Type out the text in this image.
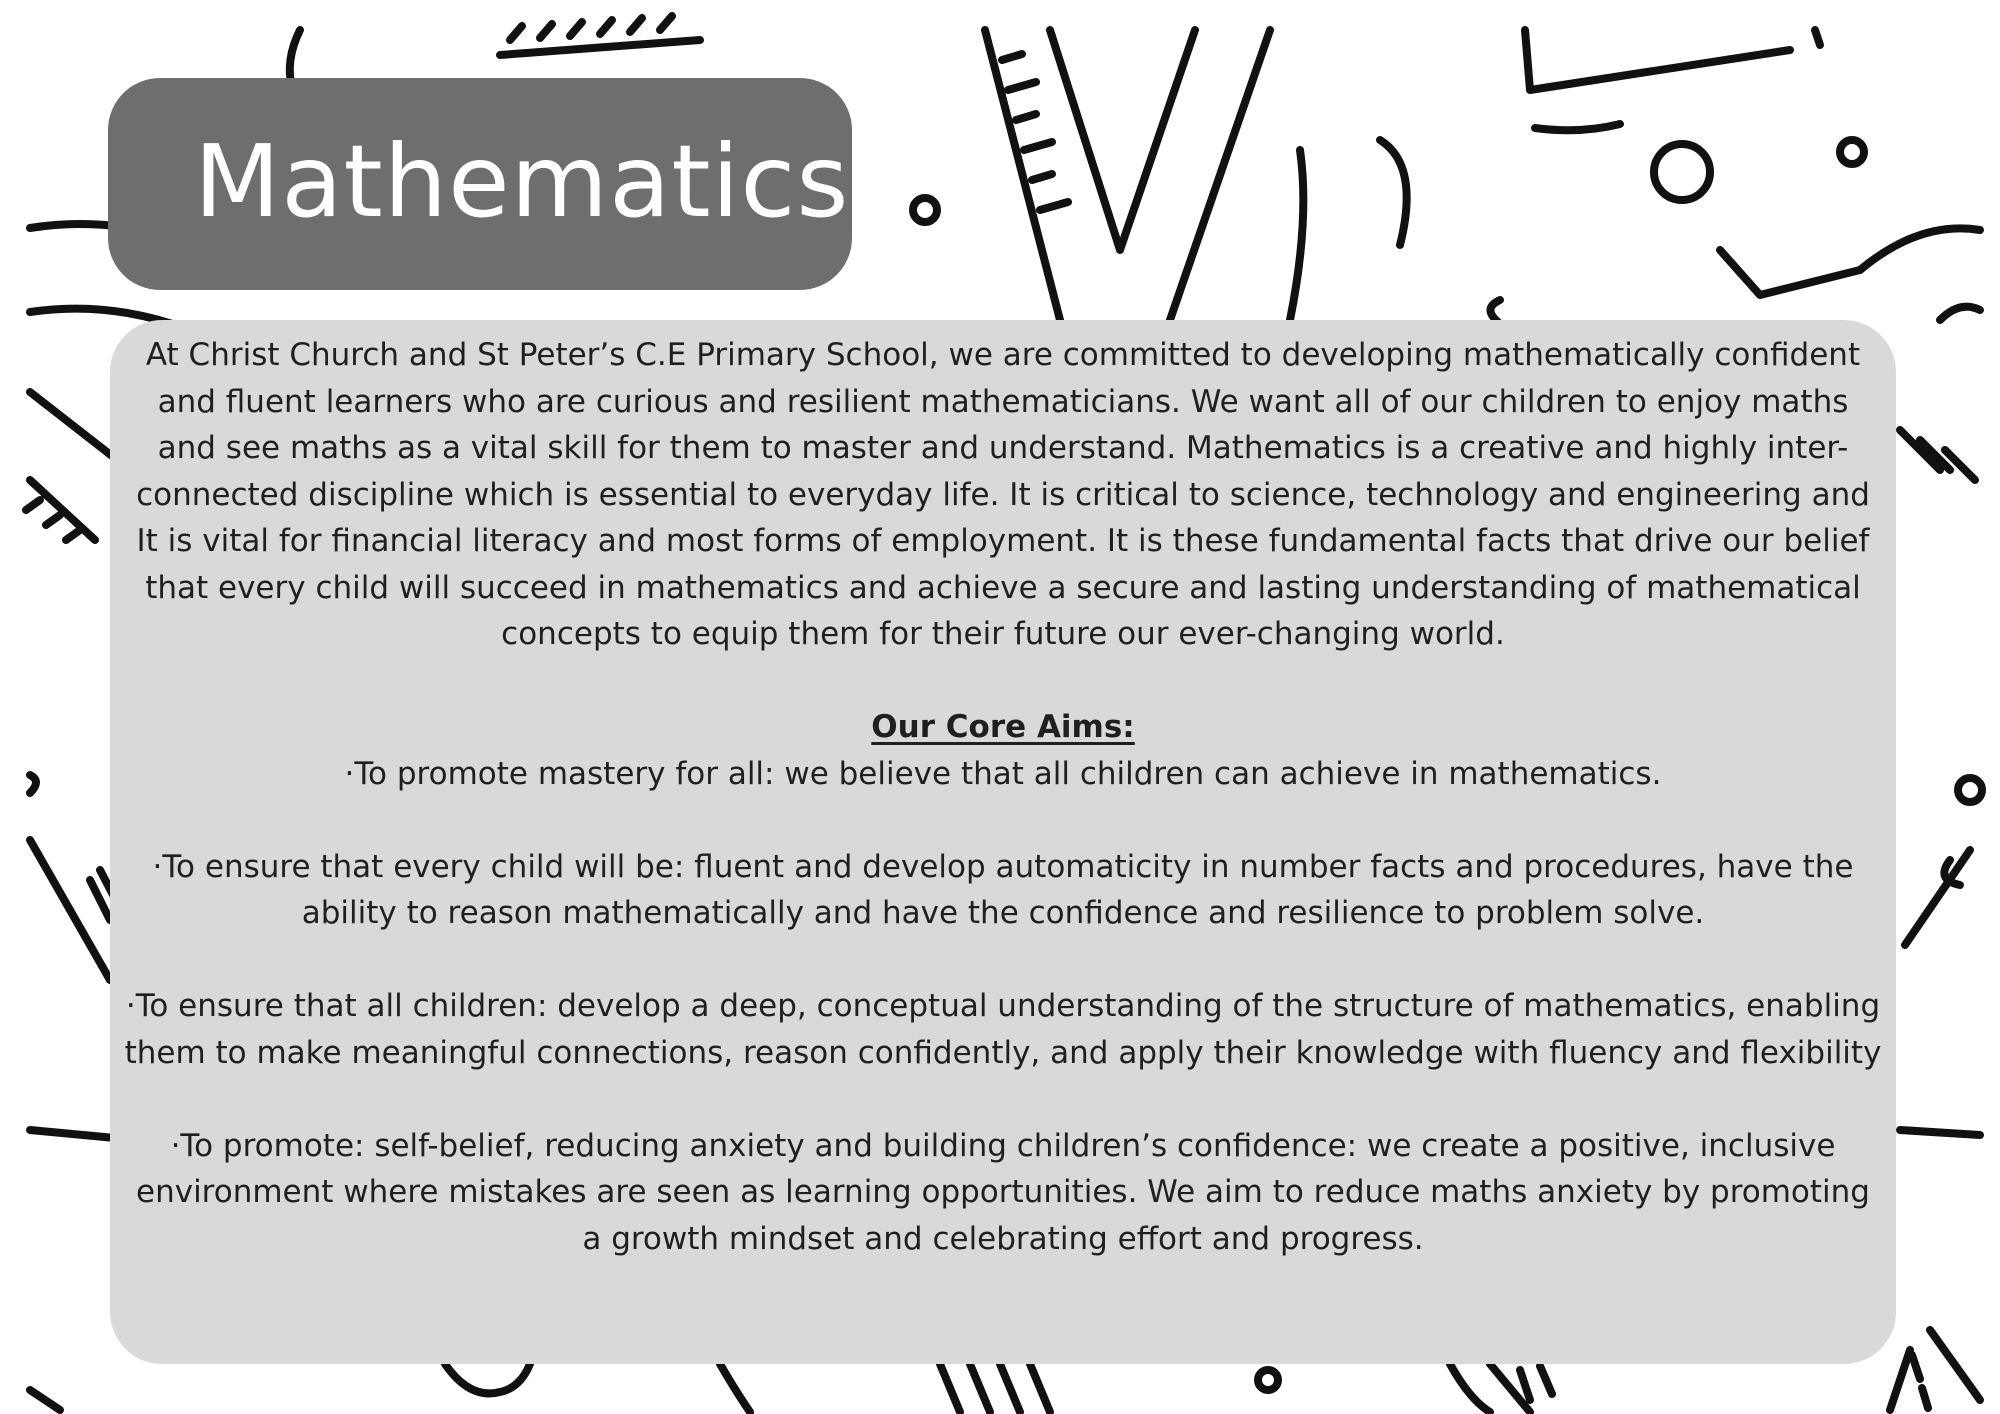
Mathematics

At Christ Church and St Peter’s C.E Primary School, we are committed to developing mathematically confident and fluent learners who are curious and resilient mathematicians. We want all of our children to enjoy maths and see maths as a vital skill for them to master and understand. Mathematics is a creative and highly inter-connected discipline which is essential to everyday life. It is critical to science, technology and engineering and It is vital for financial literacy and most forms of employment. It is these fundamental facts that drive our belief that every child will succeed in mathematics and achieve a secure and lasting understanding of mathematical concepts to equip them for their future our ever-changing world.

Our Core Aims:

·To promote mastery for all: we believe that all children can achieve in mathematics.

·To ensure that every child will be: fluent and develop automaticity in number facts and procedures, have the ability to reason mathematically and have the confidence and resilience to problem solve.

·To ensure that all children: develop a deep, conceptual understanding of the structure of mathematics, enabling them to make meaningful connections, reason confidently, and apply their knowledge with fluency and flexibility

·To promote: self-belief, reducing anxiety and building children’s confidence: we create a positive, inclusive environment where mistakes are seen as learning opportunities. We aim to reduce maths anxiety by promoting a growth mindset and celebrating effort and progress.
